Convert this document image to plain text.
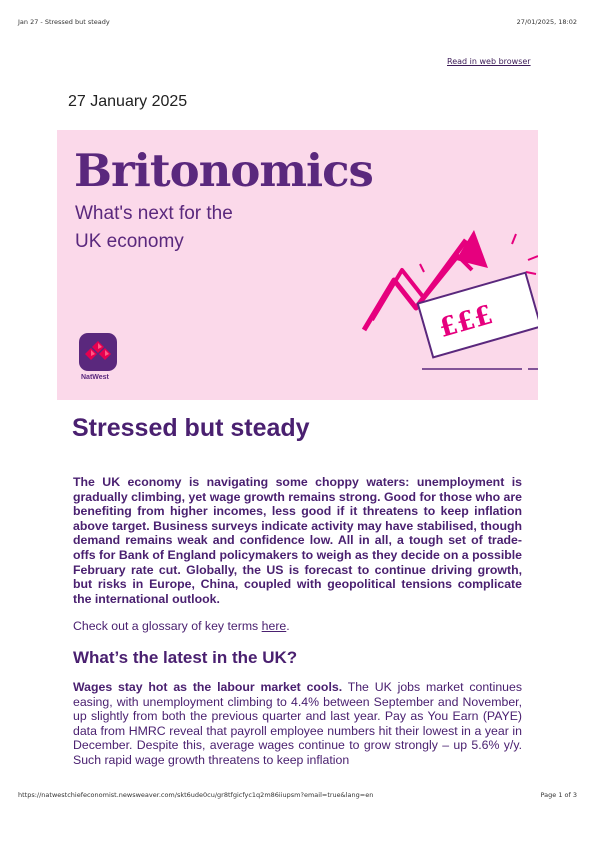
Jan 27 - Stressed but steady	27/01/2025, 18:02
Read in web browser
27 January 2025
Britonomics
What's next for the
UK economy
NatWest
£££
Stressed but steady
The UK economy is navigating some choppy waters: unemployment is gradually climbing, yet wage growth remains strong. Good for those who are benefiting from higher incomes, less good if it threatens to keep inflation above target. Business surveys indicate activity may have stabilised, though demand remains weak and confidence low. All in all, a tough set of trade-offs for Bank of England policymakers to weigh as they decide on a possible February rate cut. Globally, the US is forecast to continue driving growth, but risks in Europe, China, coupled with geopolitical tensions complicate the international outlook.
Check out a glossary of key terms here.
What’s the latest in the UK?
Wages stay hot as the labour market cools. The UK jobs market continues easing, with unemployment climbing to 4.4% between September and November, up slightly from both the previous quarter and last year. Pay as You Earn (PAYE) data from HMRC reveal that payroll employee numbers hit their lowest in a year in December. Despite this, average wages continue to grow strongly – up 5.6% y/y. Such rapid wage growth threatens to keep inflation
https://natwestchiefeconomist.newsweaver.com/skt6ude0cu/gr8tfgicfyc1q2m86iiupsm?email=true&lang=en	Page 1 of 3
